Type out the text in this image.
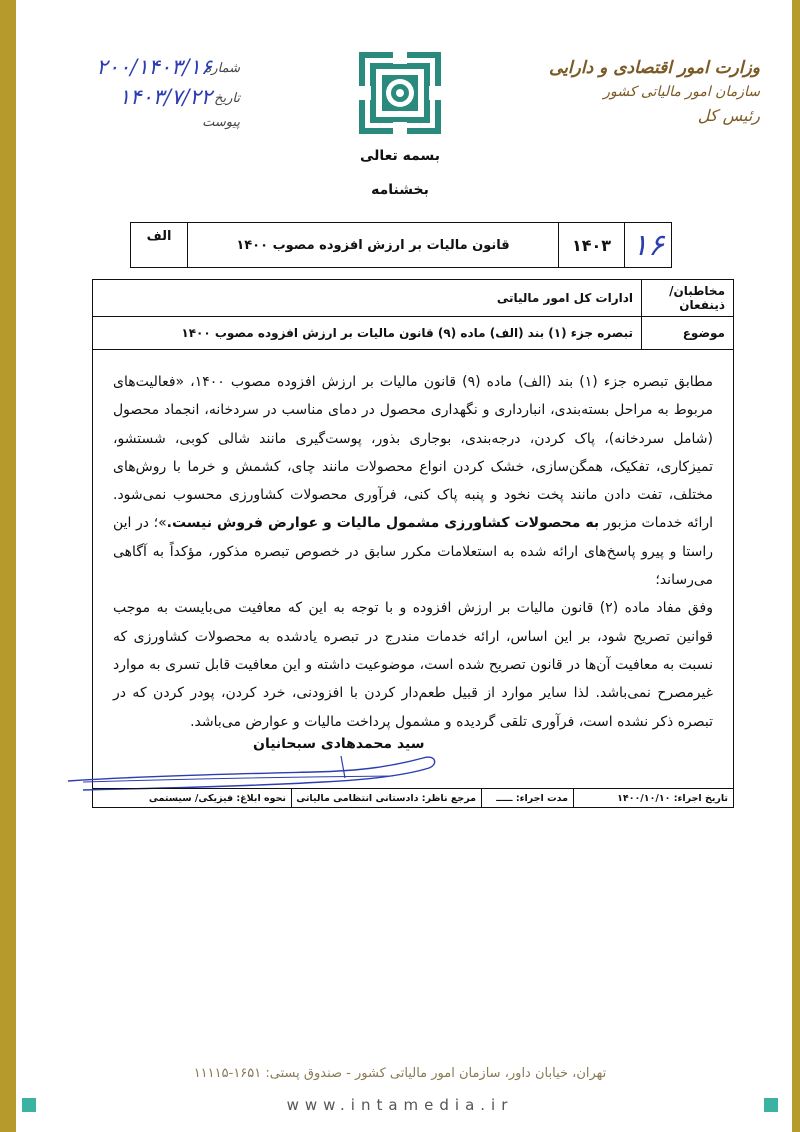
وزارت امور اقتصادی و دارایی
سازمان امور مالیاتی کشور
رئیس کل
شماره
۲۰۰/۱۴۰۳/۱۶
تاریخ
۱۴۰۳/۷/۲۲
پیوست
بسمه تعالی
بخشنامه
۱۶
۱۴۰۳
قانون مالیات بر ارزش افزوده مصوب ۱۴۰۰
الف
مخاطبان/ذینفعان
ادارات کل امور مالیاتی
موضوع
تبصره جزء (۱) بند (الف) ماده (۹) قانون مالیات بر ارزش افزوده مصوب ۱۴۰۰

مطابق تبصره جزء (۱) بند (الف) ماده (۹) قانون مالیات بر ارزش افزوده مصوب ۱۴۰۰، «فعالیت‌های مربوط به مراحل بسته‌بندی، انبارداری و نگهداری محصول در دمای مناسب در سردخانه، انجماد محصول (شامل سردخانه)، پاک کردن، درجه‌بندی، بوجاری بذور، پوست‌گیری مانند شالی کوبی، شستشو، تمیزکاری، تفکیک، همگن‌سازی، خشک کردن انواع محصولات مانند چای، کشمش و خرما با روش‌های مختلف، تفت دادن مانند پخت نخود و پنبه پاک کنی، فرآوری محصولات کشاورزی محسوب نمی‌شود. ارائه خدمات مزبور به محصولات کشاورزی مشمول مالیات و عوارض فروش نیست.»؛ در این راستا و پیرو پاسخ‌های ارائه شده به استعلامات مکرر سابق در خصوص تبصره مذکور، مؤکداً به آگاهی می‌رساند؛

وفق مفاد ماده (۲) قانون مالیات بر ارزش افزوده و با توجه به این که معافیت می‌بایست به موجب قوانین تصریح شود، بر این اساس، ارائه خدمات مندرج در تبصره یادشده به محصولات کشاورزی که نسبت به معافیت آن‌ها در قانون تصریح شده است، موضوعیت داشته و این معافیت قابل تسری به موارد غیرمصرح نمی‌باشد. لذا سایر موارد از قبیل طعم‌دار کردن با افزودنی، خرد کردن، پودر کردن که در تبصره ذکر نشده است، فرآوری تلقی گردیده و مشمول پرداخت مالیات و عوارض می‌باشد.

سید محمدهادی سبحانیان
تاریخ اجراء: ۱۴۰۰/۱۰/۱۰
مدت اجراء: ـــــ
مرجع ناظر: دادستانی انتظامی مالیاتی
نحوه ابلاغ: فیزیکی/ سیستمی
تهران، خیابان داور، سازمان امور مالیاتی کشور - صندوق پستی: ۱۶۵۱-۱۱۱۱۵
www.intamedia.ir
